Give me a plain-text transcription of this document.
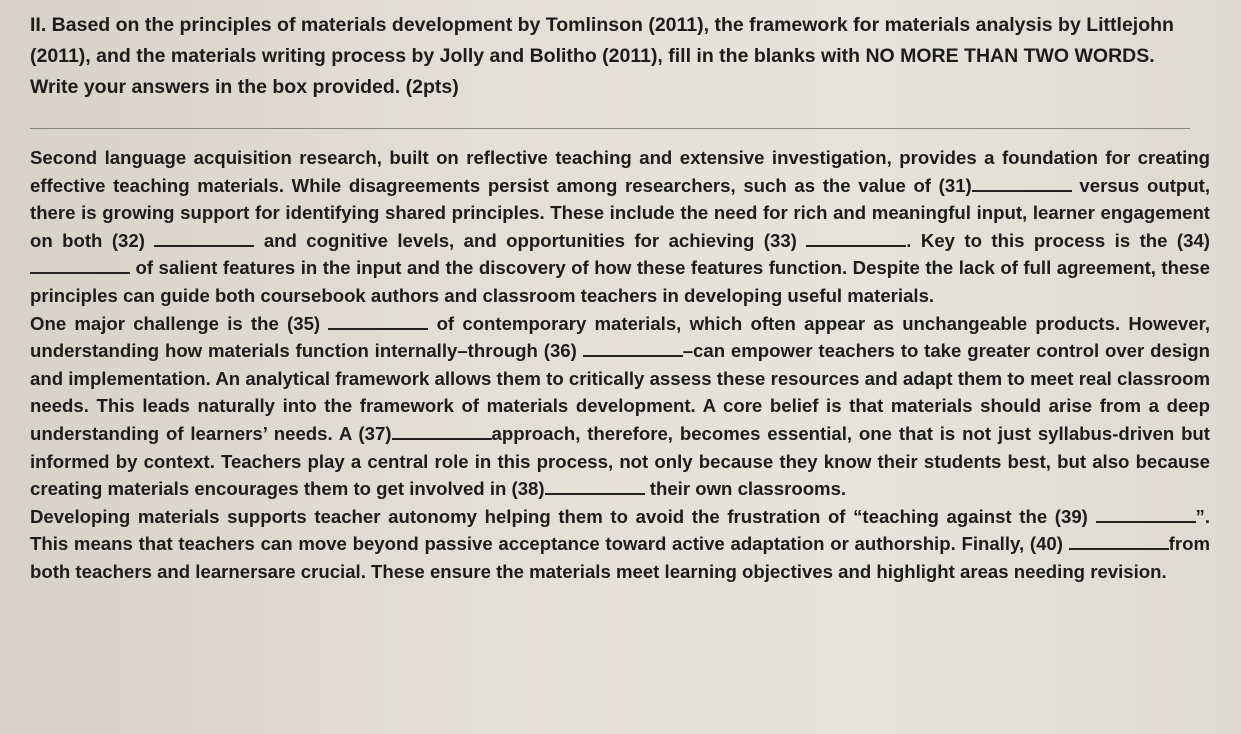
II. Based on the principles of materials development by Tomlinson (2011), the framework for materials analysis by Littlejohn (2011), and the materials writing process by Jolly and Bolitho (2011), fill in the blanks with NO MORE THAN TWO WORDS. Write your answers in the box provided. (2pts)

Second language acquisition research, built on reflective teaching and extensive investigation, provides a foundation for creating effective teaching materials. While disagreements persist among researchers, such as the value of (31)	versus output, there is growing support for identifying shared principles. These include the need for rich and meaningful input, learner engagement on both (32)	and cognitive levels, and opportunities for achieving (33)	. Key to this process is the (34)  of salient features in the input and the discovery of how these features function. Despite the lack of full agreement, these principles can guide both coursebook authors and classroom teachers in developing useful materials.

One major challenge is the (35)	of contemporary materials, which often appear as unchangeable products. However, understanding how materials function internally–through (36)	–can empower teachers to take greater control over design and implementation. An analytical framework allows them to critically assess these resources and adapt them to meet real classroom needs. This leads naturally into the framework of materials development. A core belief is that materials should arise from a deep understanding of learners’ needs. A (37)	approach, therefore, becomes essential, one that is not just syllabus-driven but informed by context. Teachers play a central role in this process, not only because they know their students best, but also because creating materials encourages them to get involved in (38)	their own classrooms.

Developing materials supports teacher autonomy helping them to avoid the frustration of “teaching against the (39)	”. This means that teachers can move beyond passive acceptance toward active adaptation or authorship. Finally, (40)	from both teachers and learnersare crucial. These ensure the materials meet learning objectives and highlight areas needing revision.
